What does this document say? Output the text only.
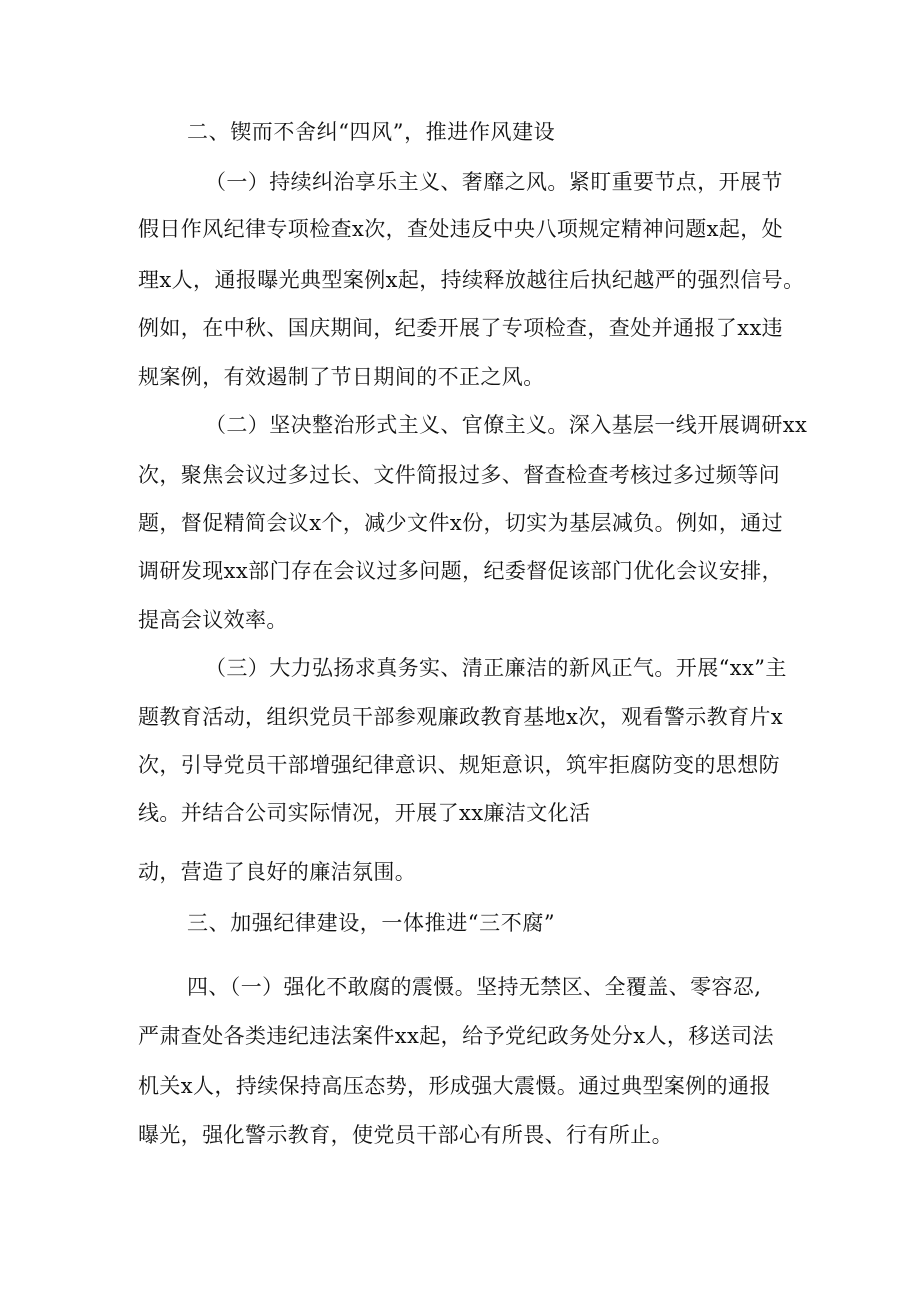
二、锲而不舍纠“四风”，推进作风建设
（一）持续纠治享乐主义、奢靡之风。紧盯重要节点，开展节
假日作风纪律专项检查x次，查处违反中央八项规定精神问题x起，处
理x人，通报曝光典型案例x起，持续释放越往后执纪越严的强烈信号。
例如，在中秋、国庆期间，纪委开展了专项检查，查处并通报了xx违
规案例，有效遏制了节日期间的不正之风。
（二）坚决整治形式主义、官僚主义。深入基层一线开展调研xx
次，聚焦会议过多过长、文件简报过多、督查检查考核过多过频等问
题，督促精简会议x个，减少文件x份，切实为基层减负。例如，通过
调研发现xx部门存在会议过多问题，纪委督促该部门优化会议安排，
提高会议效率。
（三）大力弘扬求真务实、清正廉洁的新风正气。开展“xx”主
题教育活动，组织党员干部参观廉政教育基地x次，观看警示教育片x
次，引导党员干部增强纪律意识、规矩意识，筑牢拒腐防变的思想防
线。并结合公司实际情况，开展了xx廉洁文化活
动，营造了良好的廉洁氛围。
三、加强纪律建设，一体推进“三不腐”
四、（一）强化不敢腐的震慑。坚持无禁区、全覆盖、零容忍,
严肃查处各类违纪违法案件xx起，给予党纪政务处分x人，移送司法
机关x人，持续保持高压态势，形成强大震慑。通过典型案例的通报
曝光，强化警示教育，使党员干部心有所畏、行有所止。
